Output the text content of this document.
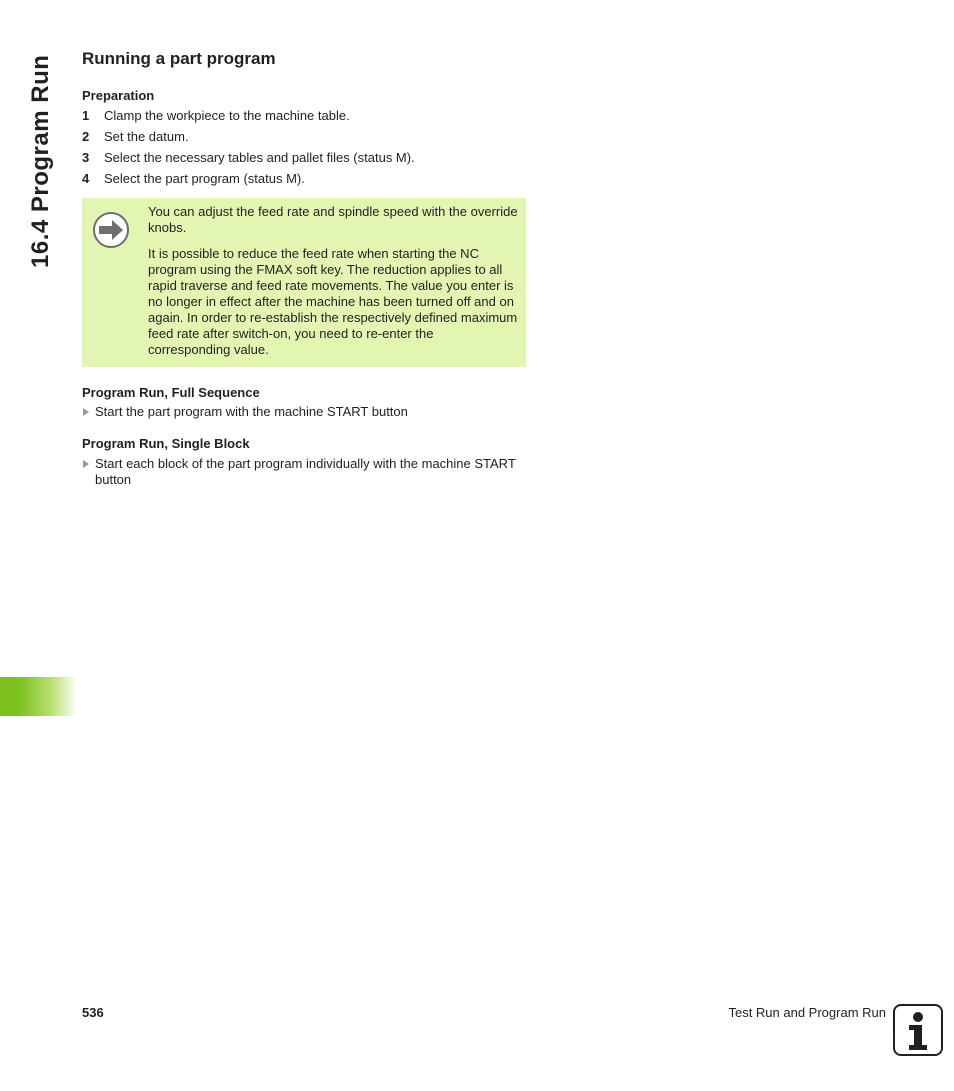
16.4 Program Run Running a part program
Preparation
1	Clamp the workpiece to the machine table.
2	Set the datum.
3	Select the necessary tables and pallet files (status M).
4	Select the part program (status M).

You can adjust the feed rate and spindle speed with the override knobs.

It is possible to reduce the feed rate when starting the NC program using the FMAX soft key. The reduction applies to all rapid traverse and feed rate movements. The value you enter is no longer in effect after the machine has been turned off and on again. In order to re-establish the respectively defined maximum feed rate after switch-on, you need to re-enter the corresponding value.

Program Run, Full Sequence
Start the part program with the machine START button
Program Run, Single Block
Start each block of the part program individually with the machine START button
536	Test Run and Program Run
